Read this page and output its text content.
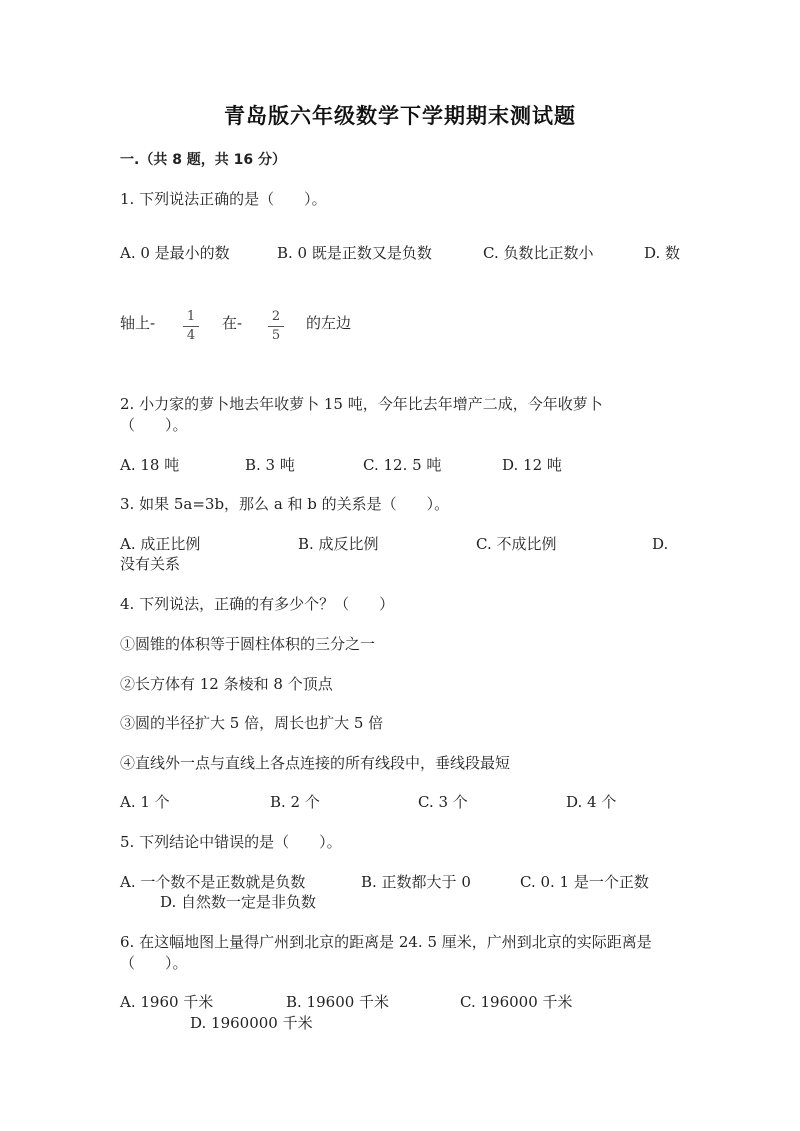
青岛版六年级数学下学期期末测试题
一.（共 8 题，共 16 分）
1. 下列说法正确的是（　　）。
A. 0 是最小的数	B. 0 既是正数又是负数	C. 负数比正数小	D. 数
轴上- 1
4
在- 2
5
的左边
2. 小力家的萝卜地去年收萝卜 15 吨，今年比去年增产二成，今年收萝卜
（　　）。
A. 18 吨	B. 3 吨	C. 12. 5 吨	D. 12 吨
3. 如果 5a=3b，那么 a 和 b 的关系是（　　）。
A. 成正比例	B. 成反比例	C. 不成比例	D.
没有关系
4. 下列说法，正确的有多少个？（　　）
①圆锥的体积等于圆柱体积的三分之一
②长方体有 12 条棱和 8 个顶点
③圆的半径扩大 5 倍，周长也扩大 5 倍
④直线外一点与直线上各点连接的所有线段中，垂线段最短
A. 1 个	B. 2 个	C. 3 个	D. 4 个
5. 下列结论中错误的是（　　）。
A. 一个数不是正数就是负数	B. 正数都大于 0	C. 0. 1 是一个正数
D. 自然数一定是非负数
6. 在这幅地图上量得广州到北京的距离是 24. 5 厘米，广州到北京的实际距离是
（　　）。
A. 1960 千米	B. 19600 千米	C. 196000 千米
D. 1960000 千米
